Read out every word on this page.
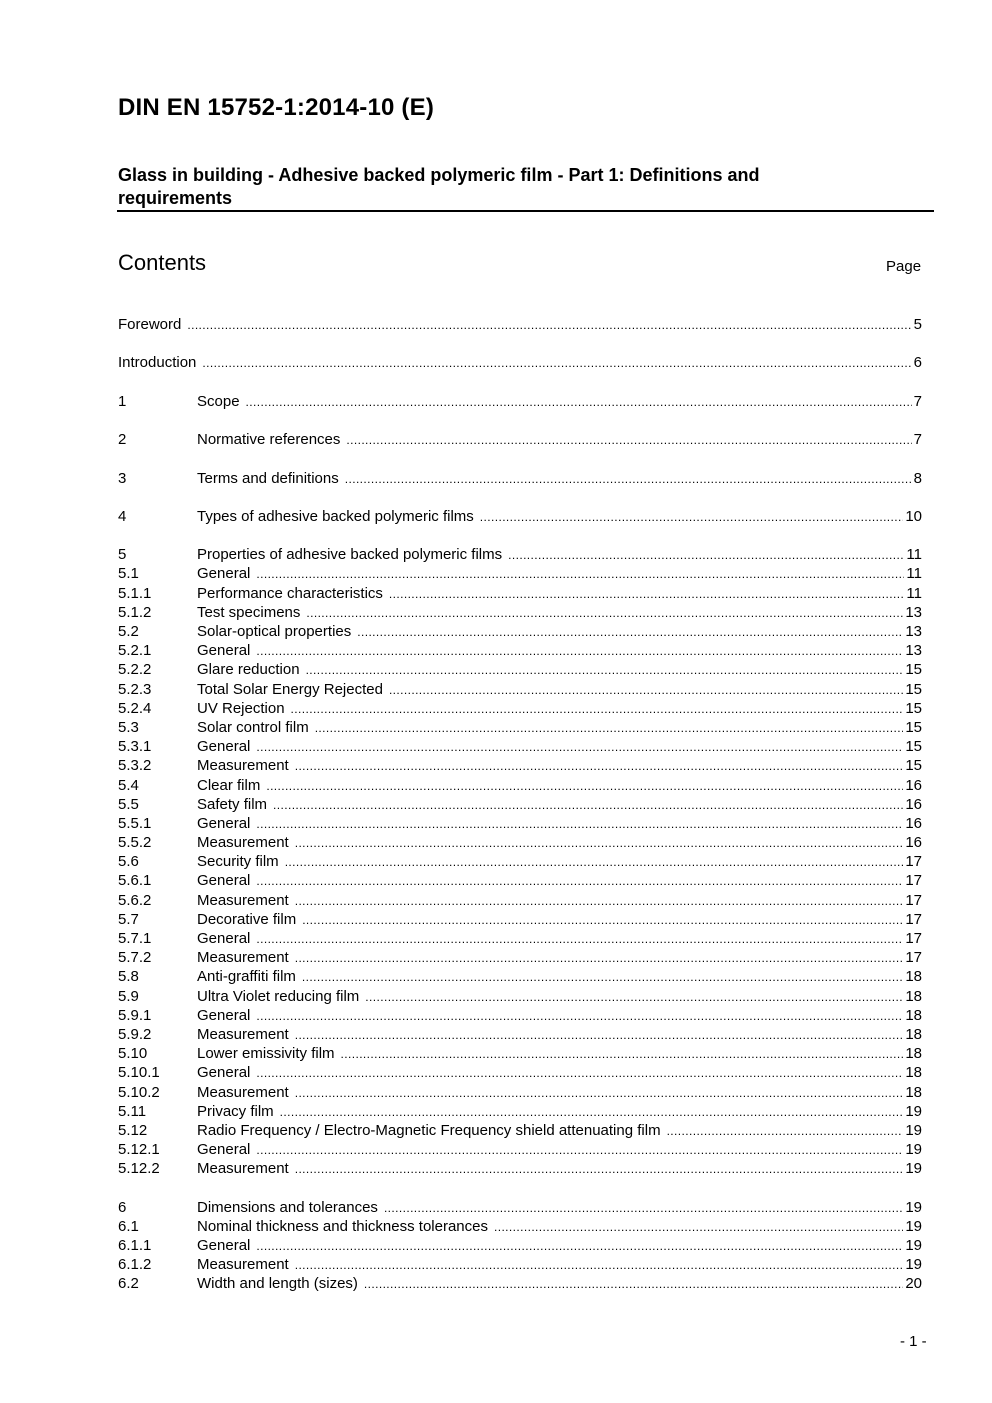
DIN EN 15752-1:2014-10 (E)
Glass in building - Adhesive backed polymeric film - Part 1: Definitions and requirements
Contents	Page
Foreword .....	5
Introduction .....	6
1	Scope .....	7
2	Normative references .....	7
3	Terms and definitions .....	8
4	Types of adhesive backed polymeric films .....	10
5	Properties of adhesive backed polymeric films .....	11
5.1	General .....	11
5.1.1	Performance characteristics .....	11
5.1.2	Test specimens .....	13
5.2	Solar-optical properties .....	13
5.2.1	General .....	13
5.2.2	Glare reduction .....	15
5.2.3	Total Solar Energy Rejected .....	15
5.2.4	UV Rejection .....	15
5.3	Solar control film .....	15
5.3.1	General .....	15
5.3.2	Measurement .....	15
5.4	Clear film .....	16
5.5	Safety film .....	16
5.5.1	General .....	16
5.5.2	Measurement .....	16
5.6	Security film .....	17
5.6.1	General .....	17
5.6.2	Measurement .....	17
5.7	Decorative film .....	17
5.7.1	General .....	17
5.7.2	Measurement .....	17
5.8	Anti-graffiti film .....	18
5.9	Ultra Violet reducing film .....	18
5.9.1	General .....	18
5.9.2	Measurement .....	18
5.10	Lower emissivity film .....	18
5.10.1	General .....	18
5.10.2	Measurement .....	18
5.11	Privacy film .....	19
5.12	Radio Frequency / Electro-Magnetic Frequency shield attenuating film .....	19
5.12.1	General .....	19
5.12.2	Measurement .....	19
6	Dimensions and tolerances .....	19
6.1	Nominal thickness and thickness tolerances .....	19
6.1.1	General .....	19
6.1.2	Measurement .....	19
6.2	Width and length (sizes) .....	20
- 1 -
